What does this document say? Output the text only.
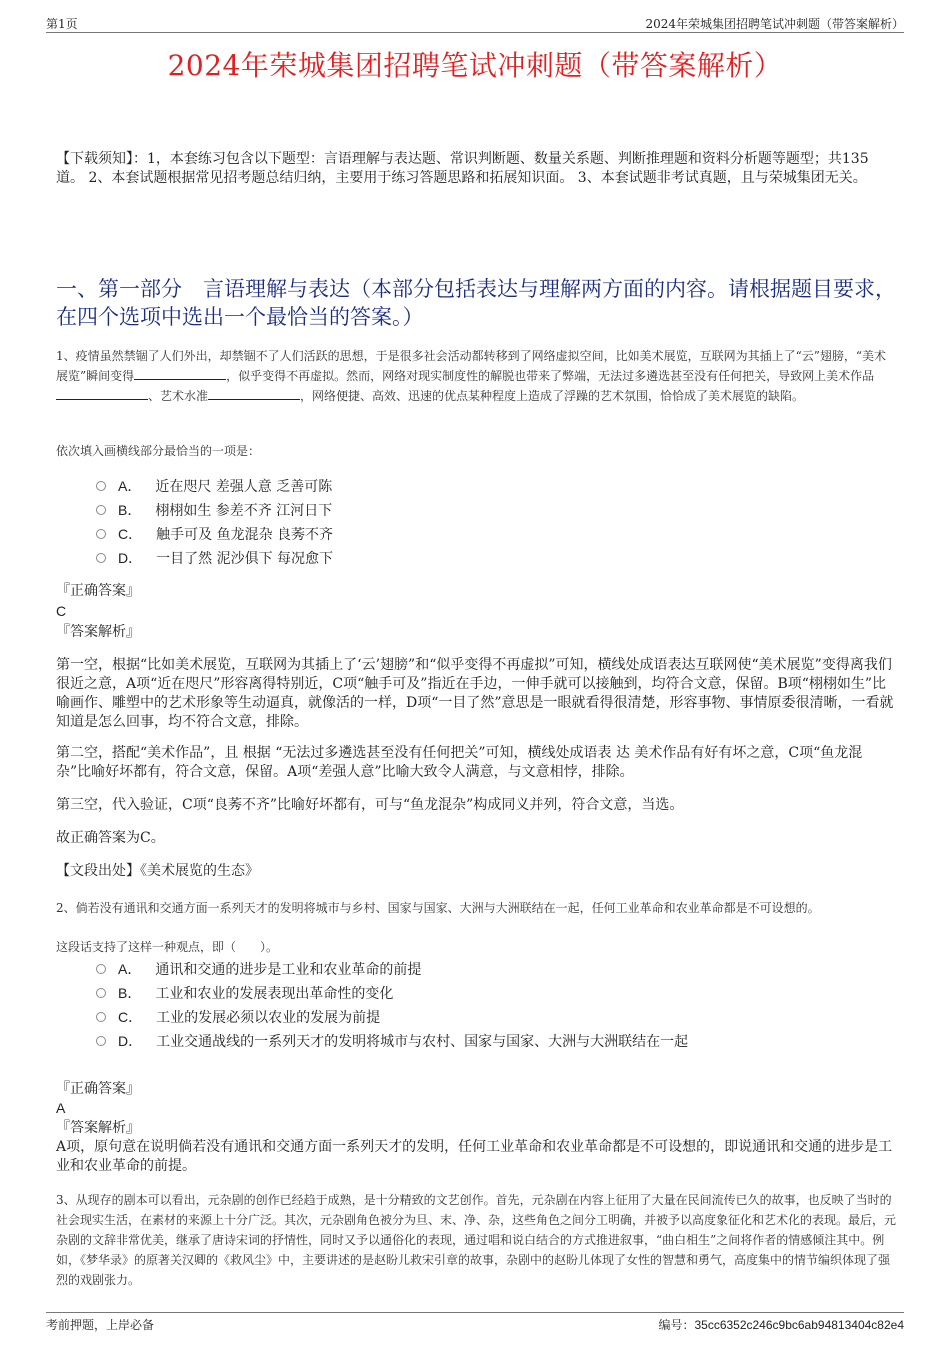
第1页	2024年荣城集团招聘笔试冲刺题（带答案解析）
2024年荣城集团招聘笔试冲刺题（带答案解析）
【下载须知】：1，本套练习包含以下题型：言语理解与表达题、常识判断题、数量关系题、判断推理题和资料分析题等题型；共135道。 2、本套试题根据常见招考题总结归纳，主要用于练习答题思路和拓展知识面。 3、本套试题非考试真题，且与荣城集团无关。
一、第一部分　言语理解与表达（本部分包括表达与理解两方面的内容。请根据题目要求，在四个选项中选出一个最恰当的答案。）
1、疫情虽然禁锢了人们外出，却禁锢不了人们活跃的思想，于是很多社会活动都转移到了网络虚拟空间，比如美术展览，互联网为其插上了“云”翅膀，“美术展览”瞬间变得	，似乎变得不再虚拟。然而，网络对现实制度性的解脱也带来了弊端，无法过多遴选甚至没有任何把关，导致网上美术作品、艺术水准	，网络便捷、高效、迅速的优点某种程度上造成了浮躁的艺术氛围，恰恰成了美术展览的缺陷。
依次填入画横线部分最恰当的一项是：
A． 近在咫尺 差强人意 乏善可陈
B． 栩栩如生 参差不齐 江河日下
C． 触手可及 鱼龙混杂 良莠不齐
D． 一目了然 泥沙俱下 每况愈下
『正确答案』
C
『答案解析』
第一空，根据“比如美术展览，互联网为其插上了‘云’翅膀”和“似乎变得不再虚拟”可知，横线处成语表达互联网使“美术展览”变得离我们很近之意，A项“近在咫尺”形容离得特别近，C项“触手可及”指近在手边，一伸手就可以接触到，均符合文意，保留。B项“栩栩如生”比喻画作、雕塑中的艺术形象等生动逼真，就像活的一样，D项“一目了然”意思是一眼就看得很清楚，形容事物、事情原委很清晰，一看就知道是怎么回事，均不符合文意，排除。
第二空，搭配“美术作品”，且 根据 “无法过多遴选甚至没有任何把关”可知，横线处成语表 达 美术作品有好有坏之意，C项“鱼龙混杂”比喻好坏都有，符合文意，保留。A项“差强人意”比喻大致令人满意，与文意相悖，排除。
第三空，代入验证，C项“良莠不齐”比喻好坏都有，可与“鱼龙混杂”构成同义并列，符合文意，当选。
故正确答案为C。
【文段出处】《美术展览的生态》
2、倘若没有通讯和交通方面一系列天才的发明将城市与乡村、国家与国家、大洲与大洲联结在一起，任何工业革命和农业革命都是不可设想的。
这段话支持了这样一种观点，即（　　）。
A． 通讯和交通的进步是工业和农业革命的前提
B． 工业和农业的发展表现出革命性的变化
C． 工业的发展必须以农业的发展为前提
D． 工业交通战线的一系列天才的发明将城市与农村、国家与国家、大洲与大洲联结在一起
『正确答案』
A
『答案解析』
A项，原句意在说明倘若没有通讯和交通方面一系列天才的发明，任何工业革命和农业革命都是不可设想的，即说通讯和交通的进步是工业和农业革命的前提。
3、从现存的剧本可以看出，元杂剧的创作已经趋于成熟，是十分精致的文艺创作。首先，元杂剧在内容上征用了大量在民间流传已久的故事，也反映了当时的社会现实生活，在素材的来源上十分广泛。其次，元杂剧角色被分为旦、末、净、杂，这些角色之间分工明确，并被予以高度象征化和艺术化的表现。最后，元杂剧的文辞非常优美，继承了唐诗宋词的抒情性，同时又予以通俗化的表现，通过唱和说白结合的方式推进叙事，“曲白相生”之间将作者的情感倾注其中。例如，《梦华录》的原著关汉卿的《救风尘》中，主要讲述的是赵盼儿救宋引章的故事，杂剧中的赵盼儿体现了女性的智慧和勇气，高度集中的情节编织体现了强烈的戏剧张力。
考前押题，上岸必备	编号：35cc6352c246c9bc6ab94813404c82e4
